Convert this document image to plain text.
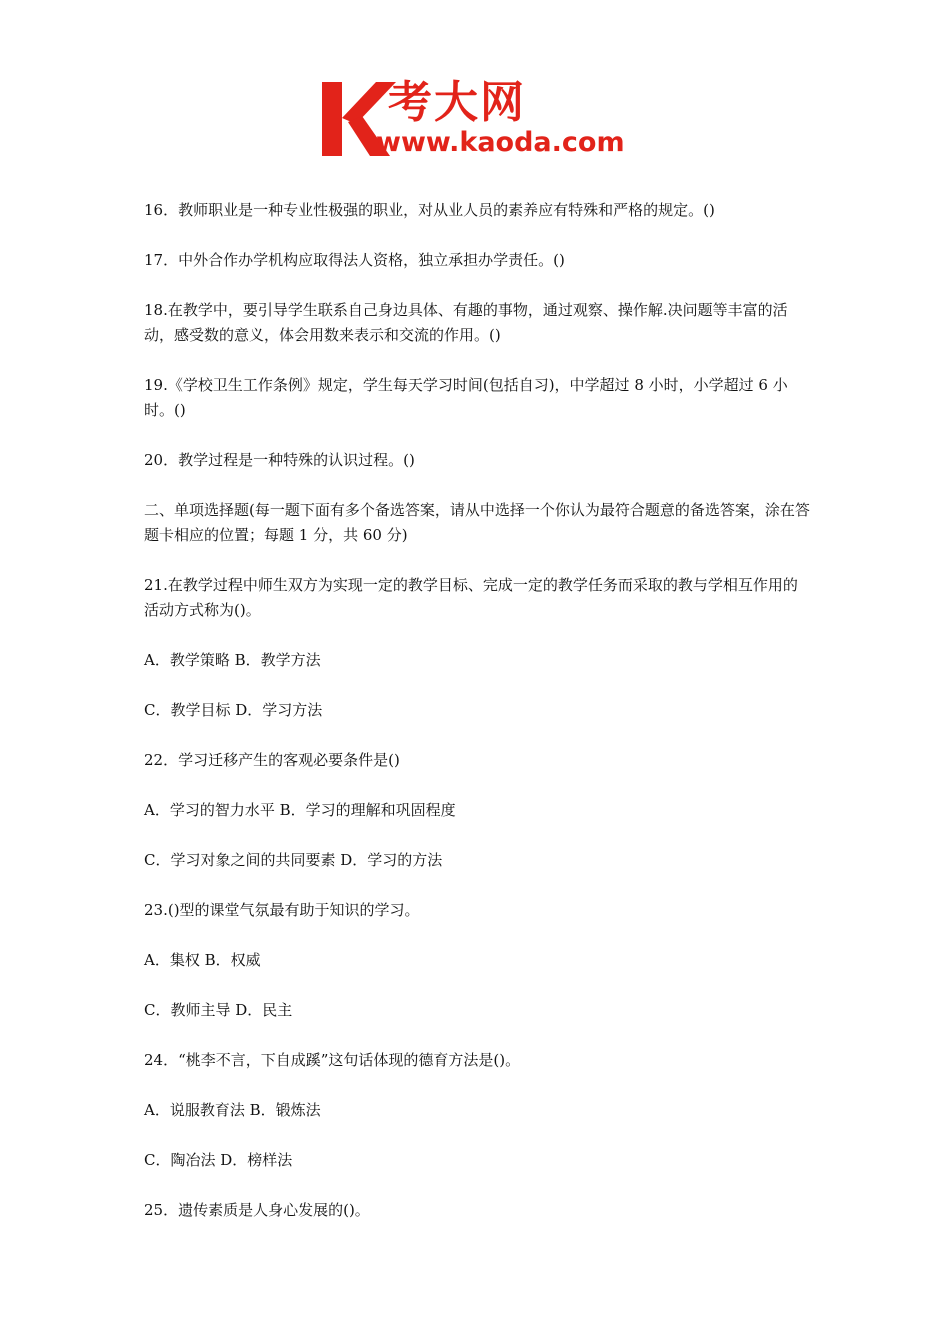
考大网
www.kaoda.com

16．教师职业是一种专业性极强的职业，对从业人员的素养应有特殊和严格的规定。()

17．中外合作办学机构应取得法人资格，独立承担办学责任。()

18.在教学中，要引导学生联系自己身边具体、有趣的事物，通过观察、操作解.决问题等丰富的活动，感受数的意义，体会用数来表示和交流的作用。()

19.《学校卫生工作条例》规定，学生每天学习时间(包括自习)，中学超过 8 小时，小学超过 6 小时。()

20．教学过程是一种特殊的认识过程。()

二、单项选择题(每一题下面有多个备选答案，请从中选择一个你认为最符合题意的备选答案，涂在答题卡相应的位置；每题 1 分，共 60 分)

21.在教学过程中师生双方为实现一定的教学目标、完成一定的教学任务而采取的教与学相互作用的活动方式称为()。

A．教学策略 B．教学方法

C．教学目标 D．学习方法

22．学习迁移产生的客观必要条件是()

A．学习的智力水平 B．学习的理解和巩固程度

C．学习对象之间的共同要素 D．学习的方法

23.()型的课堂气氛最有助于知识的学习。

A．集权 B．权威

C．教师主导 D．民主

24．“桃李不言，下自成蹊”这句话体现的德育方法是()。

A．说服教育法 B．锻炼法

C．陶冶法 D．榜样法

25．遗传素质是人身心发展的()。
